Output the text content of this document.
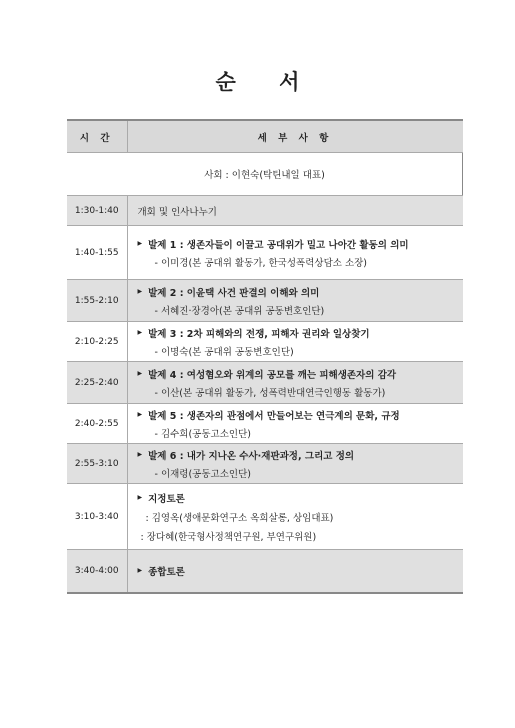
순 서
시 간	세 부 사 항
사회 : 이현숙(탁틴내일 대표)	
1:30-1:40	개회 및 인사나누기
1:40-1:55	▶ 발제 1 : 생존자들이 이끌고 공대위가 밀고 나아간 활동의 의미
- 이미경(본 공대위 활동가, 한국성폭력상담소 소장)

1:55-2:10	▶ 발제 2 : 이윤택 사건 판결의 이해와 의미
- 서혜진·장경아(본 공대위 공동변호인단)

2:10-2:25	▶ 발제 3 : 2차 피해와의 전쟁, 피해자 권리와 일상찾기
- 이명숙(본 공대위 공동변호인단)

2:25-2:40	▶ 발제 4 : 여성혐오와 위계의 공모를 깨는 피해생존자의 감각
- 이산(본 공대위 활동가, 성폭력반대연극인행동 활동가)

2:40-2:55	▶ 발제 5 : 생존자의 관점에서 만들어보는 연극계의 문화, 규정
- 김수희(공동고소인단)

2:55-3:10	▶ 발제 6 : 내가 지나온 수사·재판과정, 그리고 정의
- 이재령(공동고소인단)

3:10-3:40	▶ 지정토론
: 김영옥(생애문화연구소 옥희살롱, 상임대표)
: 장다혜(한국형사정책연구원, 부연구위원)

3:40-4:00	▶ 종합토론
